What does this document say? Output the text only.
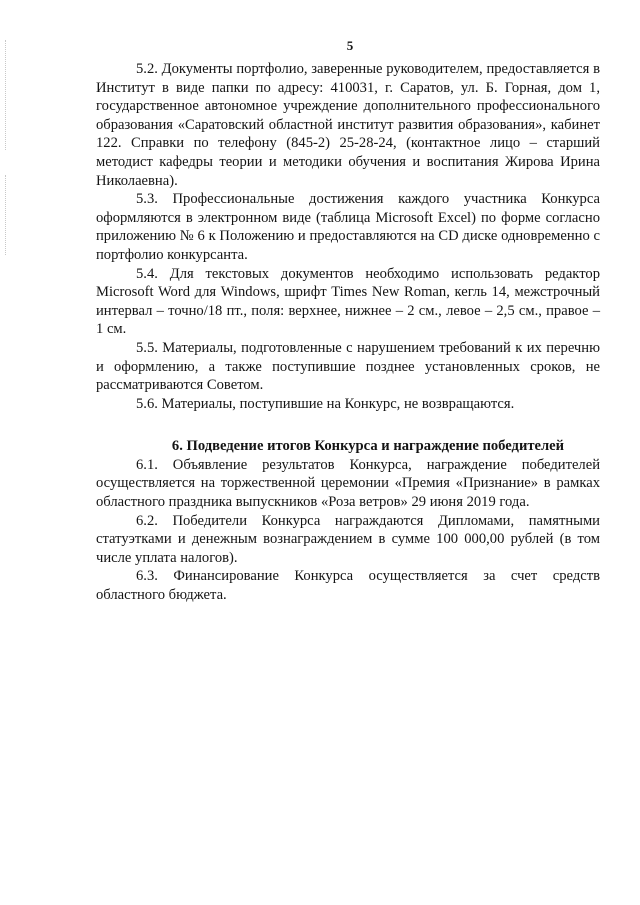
5

5.2. Документы портфолио, заверенные руководителем, предоставляется в Институт в виде папки по адресу: 410031, г. Саратов, ул. Б. Горная, дом 1, государственное автономное учреждение дополнительного профессионального образования «Саратовский областной институт развития образования», кабинет 122. Справки по телефону (845-2) 25-28-24, (контактное лицо – старший методист кафедры теории и методики обучения и воспитания Жирова Ирина Николаевна).

5.3. Профессиональные достижения каждого участника Конкурса оформляются в электронном виде (таблица Microsoft Excel) по форме согласно приложению № 6 к Положению и предоставляются на CD диске одновременно с портфолио конкурсанта.

5.4. Для текстовых документов необходимо использовать редактор Microsoft Word для Windows, шрифт Times New Roman, кегль 14, межстрочный интервал – точно/18 пт., поля: верхнее, нижнее – 2 см., левое – 2,5 см., правое – 1 см.

5.5. Материалы, подготовленные с нарушением требований к их перечню и оформлению, а также поступившие позднее установленных сроков, не рассматриваются Советом.

5.6. Материалы, поступившие на Конкурс, не возвращаются.

6. Подведение итогов Конкурса и награждение победителей

6.1. Объявление результатов Конкурса, награждение победителей осуществляется на торжественной церемонии «Премия «Признание» в рамках областного праздника выпускников «Роза ветров» 29 июня 2019 года.

6.2. Победители Конкурса награждаются Дипломами, памятными статуэтками и денежным вознаграждением в сумме 100 000,00 рублей (в том числе уплата налогов).

6.3. Финансирование Конкурса осуществляется за счет средств областного бюджета.
